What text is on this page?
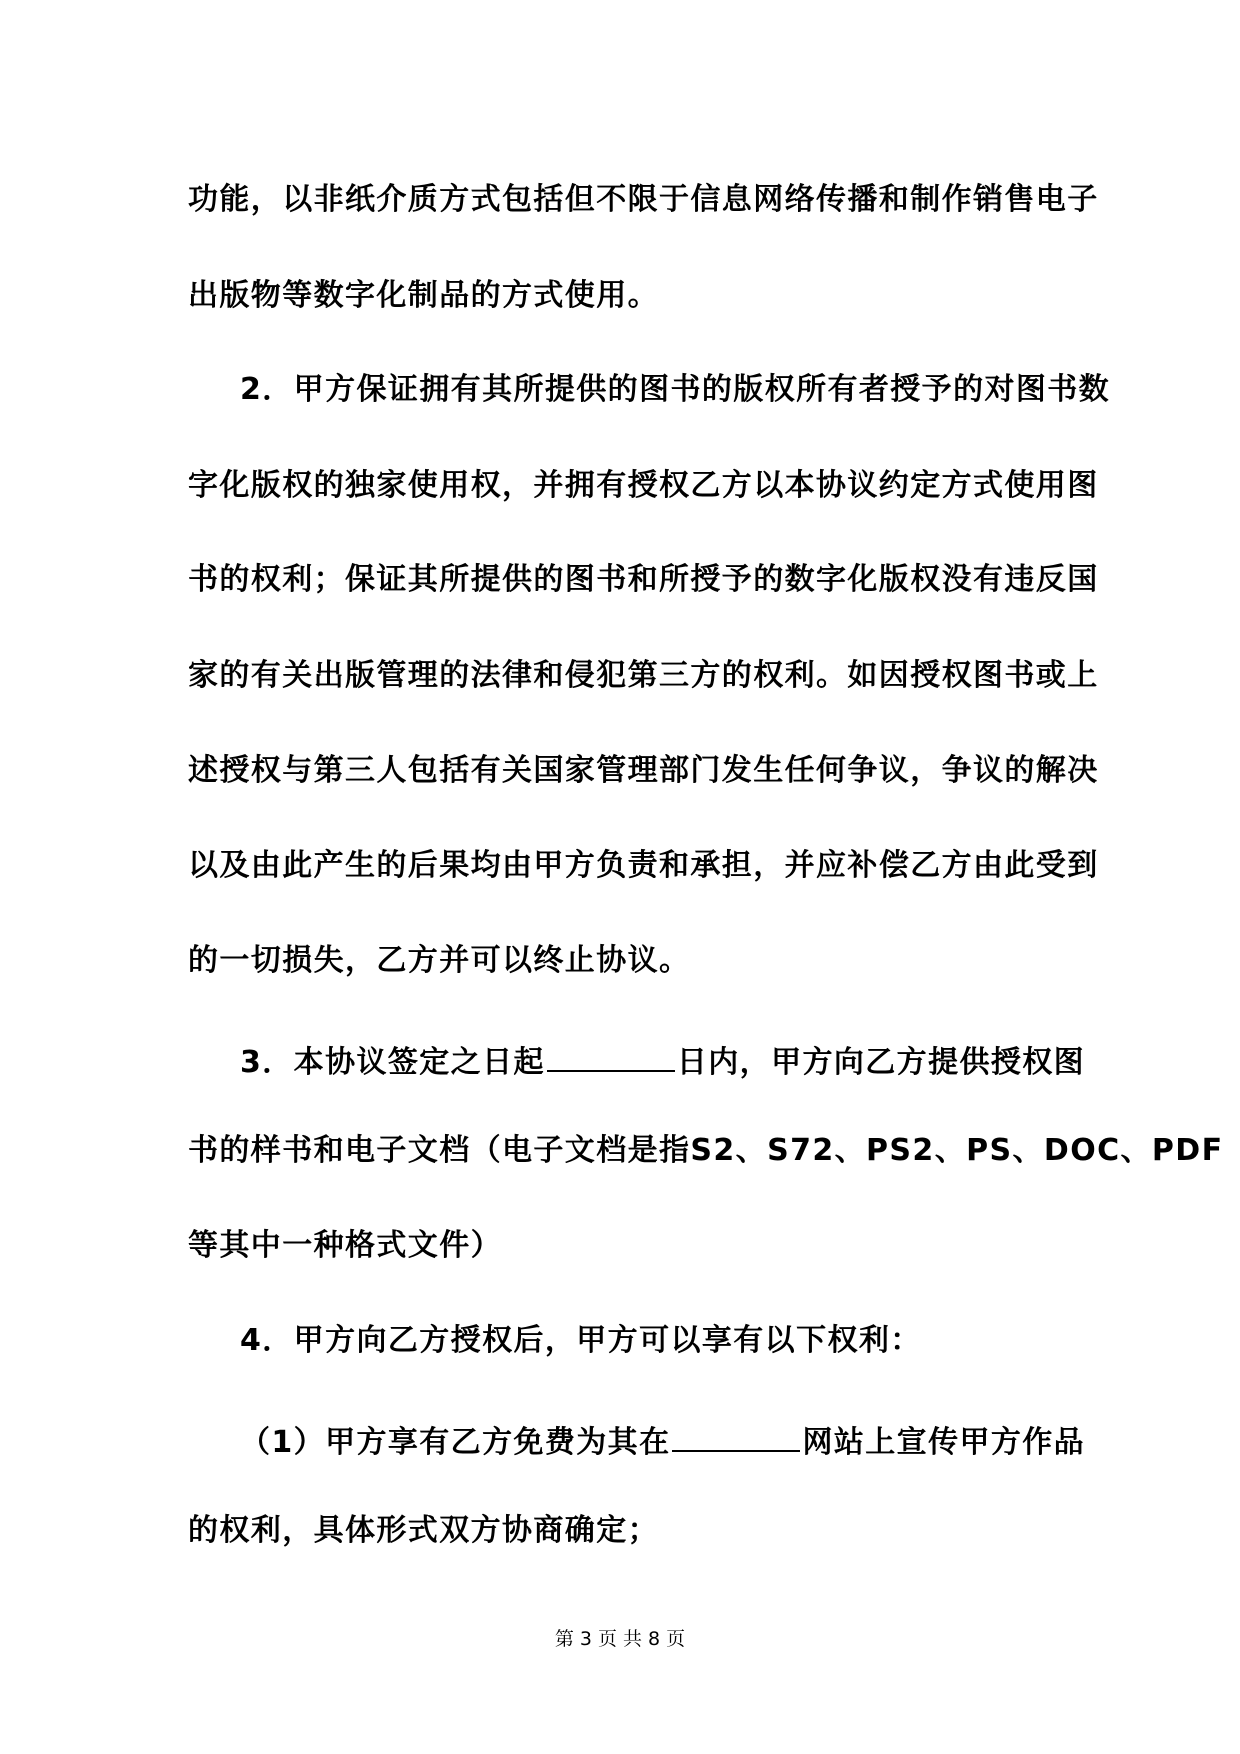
功能，以非纸介质方式包括但不限于信息网络传播和制作销售电子
出版物等数字化制品的方式使用。
2．甲方保证拥有其所提供的图书的版权所有者授予的对图书数
字化版权的独家使用权，并拥有授权乙方以本协议约定方式使用图
书的权利；保证其所提供的图书和所授予的数字化版权没有违反国
家的有关出版管理的法律和侵犯第三方的权利。如因授权图书或上
述授权与第三人包括有关国家管理部门发生任何争议，争议的解决
以及由此产生的后果均由甲方负责和承担，并应补偿乙方由此受到
的一切损失，乙方并可以终止协议。
3．本协议签定之日起	日内，甲方向乙方提供授权图
书的样书和电子文档（电子文档是指S2、S72、PS2、PS、DOC、PDF
等其中一种格式文件）
4．甲方向乙方授权后，甲方可以享有以下权利：
（1）甲方享有乙方免费为其在	网站上宣传甲方作品
的权利，具体形式双方协商确定；
第 3 页 共 8 页
